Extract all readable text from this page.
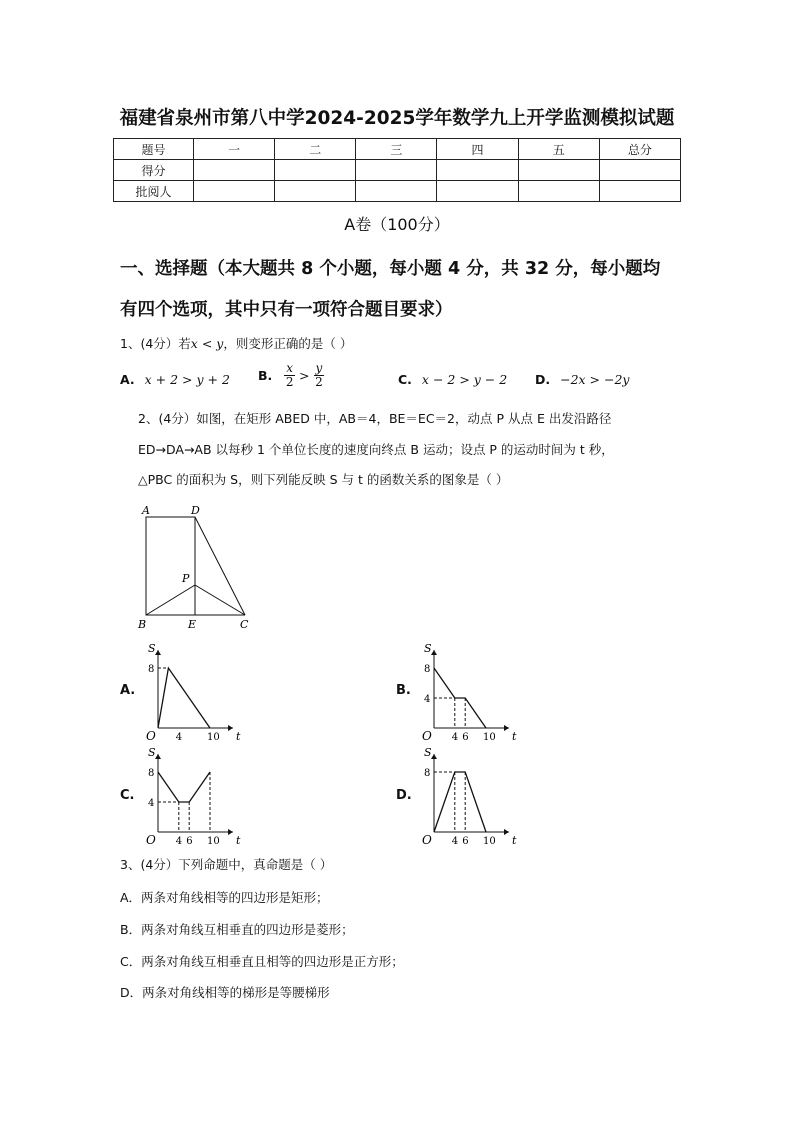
福建省泉州市第八中学2024-2025学年数学九上开学监测模拟试题
题号	一	二	三	四	五	总分
得分						
批阅人						
A卷（100分）
一、选择题（本大题共 8 个小题，每小题 4 分，共 32 分，每小题均
有四个选项，其中只有一项符合题目要求）
1、(4分）若x < y，则变形正确的是（ ）
A. x + 2 > y + 2 B. $\frac{x}{2} > \frac{y}{2}$	C. x − 2 > y − 2 D. −2x > −2y
2、(4分）如图，在矩形 ABED 中，AB＝4，BE＝EC＝2，动点 P 从点 E 出发沿路径
ED→DA→AB 以每秒 1 个单位长度的速度向终点 B 运动；设点 P 的运动时间为 t 秒，
△PBC 的面积为 S，则下列能反映 S 与 t 的函数关系的图象是（ ）
A	D
P
B	E	C
A.	B.
C.	D.
S
t
O 4 10
8
S
t
O 4 6 10
8
4
S
t
O 4 6 10
8
4
S
t
O 4 6 10
8
3、(4分）下列命题中，真命题是（ ）
A．两条对角线相等的四边形是矩形；
B．两条对角线互相垂直的四边形是菱形；
C．两条对角线互相垂直且相等的四边形是正方形；
D．两条对角线相等的梯形是等腰梯形
